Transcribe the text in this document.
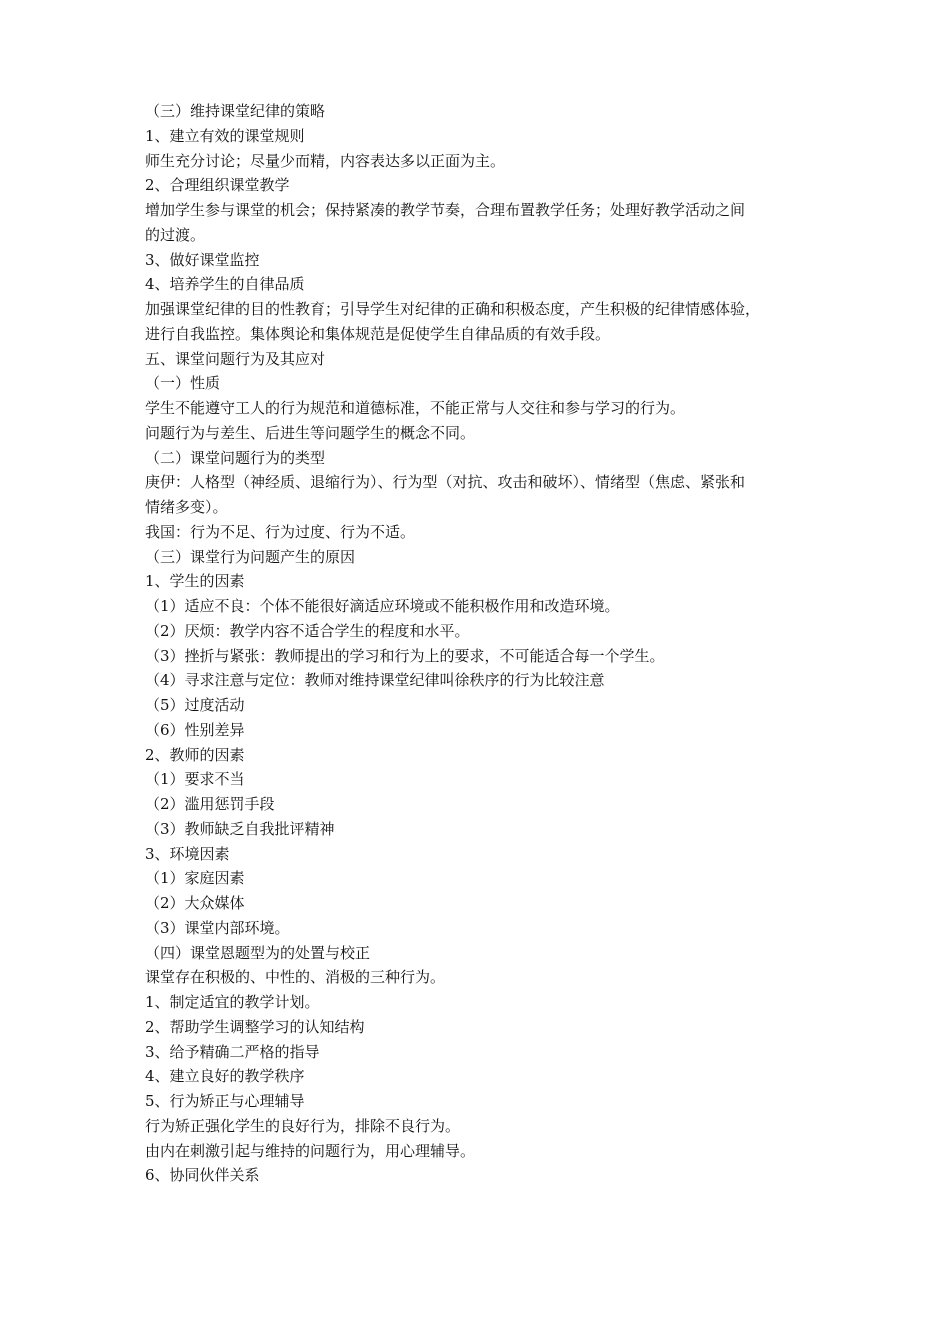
（三）维持课堂纪律的策略
1、建立有效的课堂规则
师生充分讨论；尽量少而精，内容表达多以正面为主。
2、合理组织课堂教学
增加学生参与课堂的机会；保持紧凑的教学节奏，合理布置教学任务；处理好教学活动之间
的过渡。
3、做好课堂监控
4、培养学生的自律品质
加强课堂纪律的目的性教育；引导学生对纪律的正确和积极态度，产生积极的纪律情感体验，
进行自我监控。集体舆论和集体规范是促使学生自律品质的有效手段。
五、课堂问题行为及其应对
（一）性质
学生不能遵守工人的行为规范和道德标准，不能正常与人交往和参与学习的行为。
问题行为与差生、后进生等问题学生的概念不同。
（二）课堂问题行为的类型
庚伊：人格型（神经质、退缩行为）、行为型（对抗、攻击和破坏）、情绪型（焦虑、紧张和
情绪多变）。
我国：行为不足、行为过度、行为不适。
（三）课堂行为问题产生的原因
1、学生的因素
（1）适应不良：个体不能很好滴适应环境或不能积极作用和改造环境。
（2）厌烦：教学内容不适合学生的程度和水平。
（3）挫折与紧张：教师提出的学习和行为上的要求，不可能适合每一个学生。
（4）寻求注意与定位：教师对维持课堂纪律叫徐秩序的行为比较注意
（5）过度活动
（6）性别差异
2、教师的因素
（1）要求不当
（2）滥用惩罚手段
（3）教师缺乏自我批评精神
3、环境因素
（1）家庭因素
（2）大众媒体
（3）课堂内部环境。
（四）课堂恩题型为的处置与校正
课堂存在积极的、中性的、消极的三种行为。
1、制定适宜的教学计划。
2、帮助学生调整学习的认知结构
3、给予精确二严格的指导
4、建立良好的教学秩序
5、行为矫正与心理辅导
行为矫正强化学生的良好行为，排除不良行为。
由内在刺激引起与维持的问题行为，用心理辅导。
6、协同伙伴关系
